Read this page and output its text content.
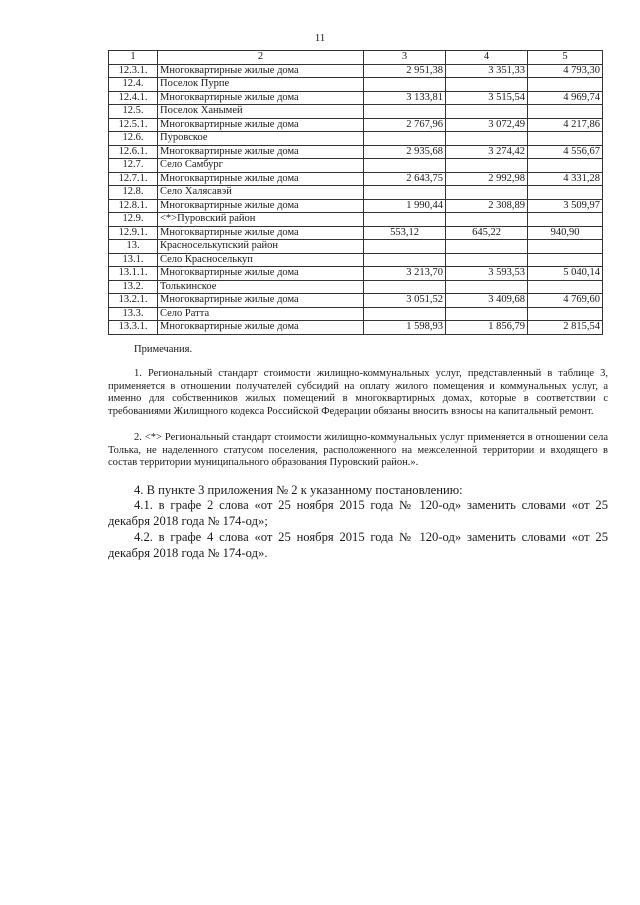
11
1	2	3	4	5
12.3.1.	Многоквартирные жилые дома	2 951,38	3 351,33	4 793,30
12.4.	Поселок Пурпе			
12.4.1.	Многоквартирные жилые дома	3 133,81	3 515,54	4 969,74
12.5.	Поселок Ханымей			
12.5.1.	Многоквартирные жилые дома	2 767,96	3 072,49	4 217,86
12.6.	Пуровское			
12.6.1.	Многоквартирные жилые дома	2 935,68	3 274,42	4 556,67
12.7.	Село Самбург			
12.7.1.	Многоквартирные жилые дома	2 643,75	2 992,98	4 331,28
12.8.	Село Халясавэй			
12.8.1.	Многоквартирные жилые дома	1 990,44	2 308,89	3 509,97
12.9.	<*>Пуровский район			
12.9.1.	Многоквартирные жилые дома	553,12	645,22	940,90
13.	Красноселькупский район			
13.1.	Село Красноселькуп			
13.1.1.	Многоквартирные жилые дома	3 213,70	3 593,53	5 040,14
13.2.	Толькинское			
13.2.1.	Многоквартирные жилые дома	3 051,52	3 409,68	4 769,60
13.3.	Село Ратта			
13.3.1.	Многоквартирные жилые дома	1 598,93	1 856,79	2 815,54
Примечания.
1. Региональный стандарт стоимости жилищно-коммунальных услуг, представленный в таблице 3, применяется в отношении получателей субсидий на оплату жилого помещения и коммунальных услуг, а именно для собственников жилых помещений в многоквартирных домах, которые в соответствии с требованиями Жилищного кодекса Российской Федерации обязаны вносить взносы на капитальный ремонт.
2. <*> Региональный стандарт стоимости жилищно-коммунальных услуг применяется в отношении села Толька, не наделенного статусом поселения, расположенного на межселенной территории и входящего в состав территории муниципального образования Пуровский район.».
4. В пункте 3 приложения № 2 к указанному постановлению:
4.1. в графе 2 слова «от 25 ноября 2015 года № 120-од» заменить словами «от 25 декабря 2018 года № 174-од»;
4.2. в графе 4 слова «от 25 ноября 2015 года № 120-од» заменить словами «от 25 декабря 2018 года № 174-од».
